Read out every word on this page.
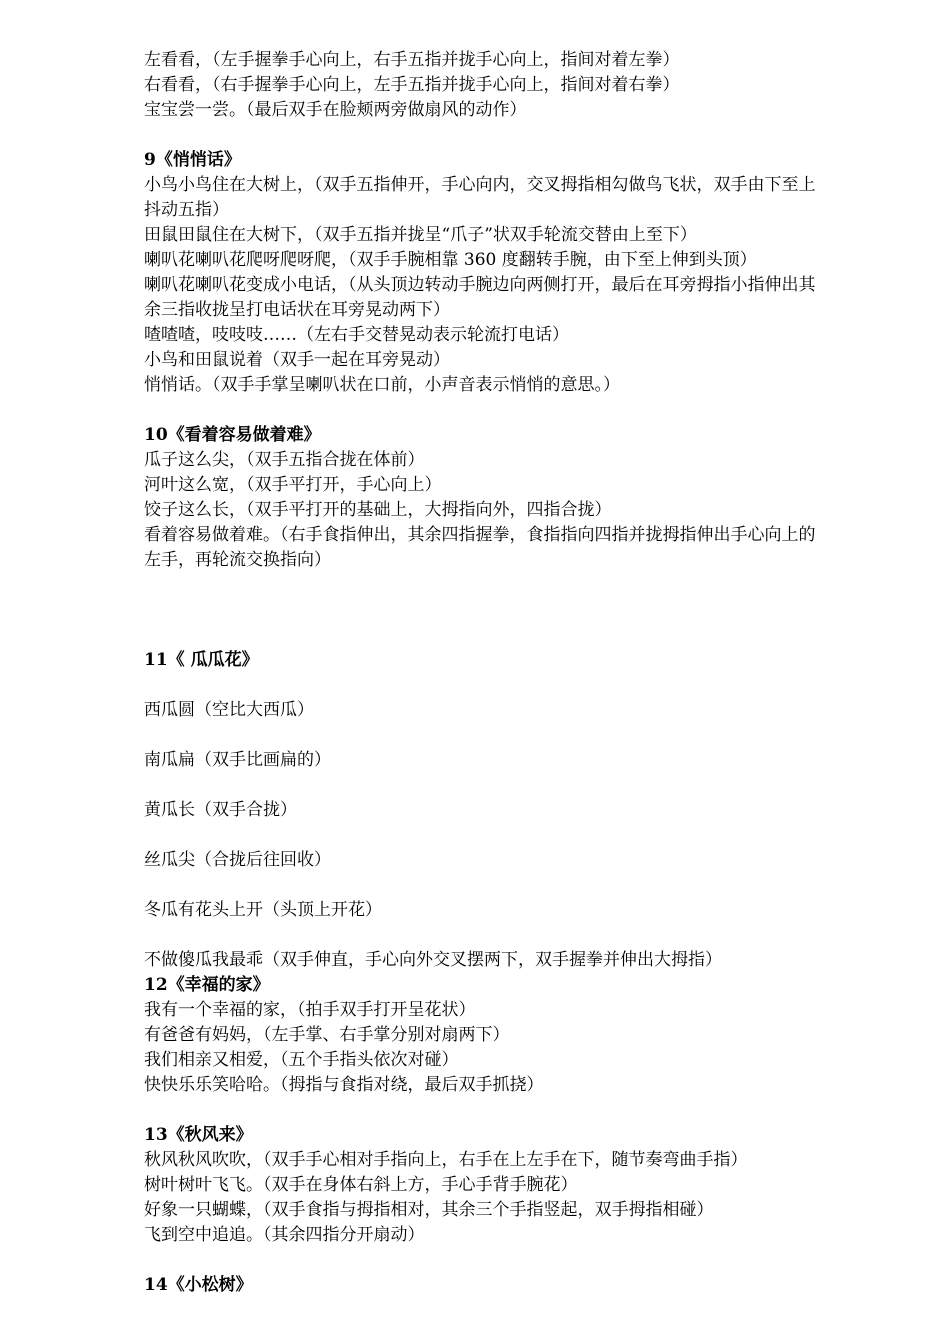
左看看，（左手握拳手心向上，右手五指并拢手心向上，指间对着左拳）

右看看，（右手握拳手心向上，左手五指并拢手心向上，指间对着右拳）

宝宝尝一尝。（最后双手在脸颊两旁做扇风的动作）

9《悄悄话》

小鸟小鸟住在大树上，（双手五指伸开，手心向内，交叉拇指相勾做鸟飞状，双手由下至上抖动五指）

田鼠田鼠住在大树下，（双手五指并拢呈“爪子”状双手轮流交替由上至下）

喇叭花喇叭花爬呀爬呀爬，（双手手腕相靠 360 度翻转手腕，由下至上伸到头顶）

喇叭花喇叭花变成小电话，（从头顶边转动手腕边向两侧打开，最后在耳旁拇指小指伸出其余三指收拢呈打电话状在耳旁晃动两下）

喳喳喳，吱吱吱……（左右手交替晃动表示轮流打电话）

小鸟和田鼠说着（双手一起在耳旁晃动）

悄悄话。（双手手掌呈喇叭状在口前，小声音表示悄悄的意思。）

10《看着容易做着难》

瓜子这么尖，（双手五指合拢在体前）

河叶这么宽，（双手平打开，手心向上）

饺子这么长，（双手平打开的基础上，大拇指向外，四指合拢）

看着容易做着难。（右手食指伸出，其余四指握拳，食指指向四指并拢拇指伸出手心向上的左手，再轮流交换指向）

11《 瓜瓜花》

西瓜圆（空比大西瓜）

南瓜扁（双手比画扁的）

黄瓜长（双手合拢）

丝瓜尖（合拢后往回收）

冬瓜有花头上开（头顶上开花）

不做傻瓜我最乖（双手伸直，手心向外交叉摆两下，双手握拳并伸出大拇指）

12《幸福的家》

我有一个幸福的家，（拍手双手打开呈花状）

有爸爸有妈妈，（左手掌、右手掌分别对扇两下）

我们相亲又相爱，（五个手指头依次对碰）

快快乐乐笑哈哈。（拇指与食指对绕，最后双手抓挠）

13《秋风来》

秋风秋风吹吹，（双手手心相对手指向上，右手在上左手在下，随节奏弯曲手指）

树叶树叶飞飞。（双手在身体右斜上方，手心手背手腕花）

好象一只蝴蝶，（双手食指与拇指相对，其余三个手指竖起，双手拇指相碰）

飞到空中追追。（其余四指分开扇动）

14《小松树》
